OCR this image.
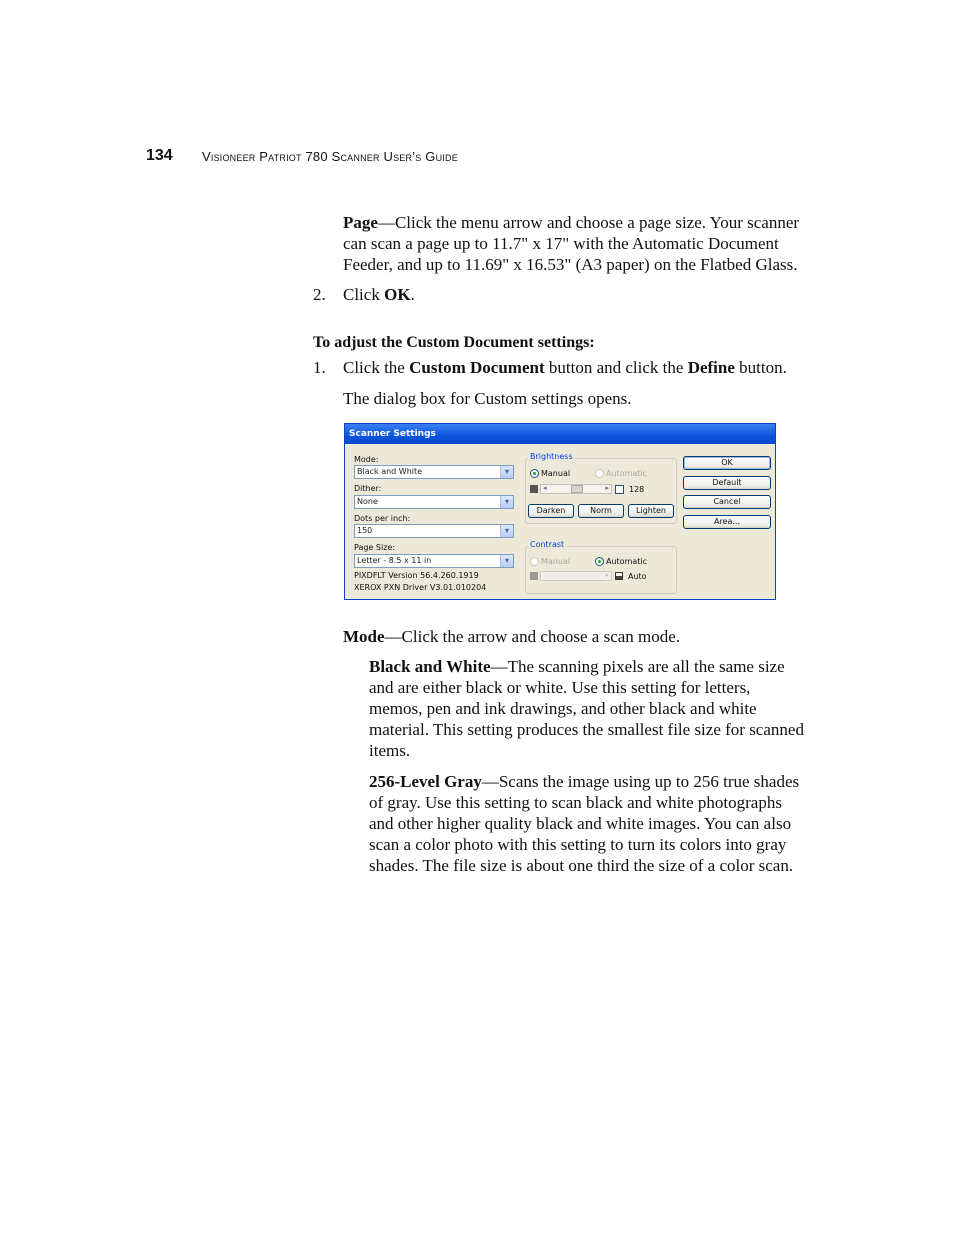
134 Visioneer Patriot 780 Scanner User’s Guide
Page—Click the menu arrow and choose a page size. Your scanner
can scan a page up to 11.7" x 17" with the Automatic Document
Feeder, and up to 11.69" x 16.53" (A3 paper) on the Flatbed Glass.
2. Click OK.
To adjust the Custom Document settings:
1. Click the Custom Document button and click the Define button.
The dialog box for Custom settings opens.
Scanner Settings
Mode:
Black and White	▾
Dither:
None	▾
Dots per inch:
150	▾
Page Size:
Letter - 8.5 x 11 in	▾
PIXDFLT Version 56.4.260.1919
XEROX PXN Driver V3.01.010204
Brightness
Manual	Automatic
◂	▸	128
Darken	Norm	Lighten
Contrast
Manual	Automatic
▸ Auto
OK
Default
Cancel
Area...
Mode—Click the arrow and choose a scan mode.
Black and White—The scanning pixels are all the same size
and are either black or white. Use this setting for letters,
memos, pen and ink drawings, and other black and white
material. This setting produces the smallest file size for scanned
items.
256-Level Gray—Scans the image using up to 256 true shades
of gray. Use this setting to scan black and white photographs
and other higher quality black and white images. You can also
scan a color photo with this setting to turn its colors into gray
shades. The file size is about one third the size of a color scan.
